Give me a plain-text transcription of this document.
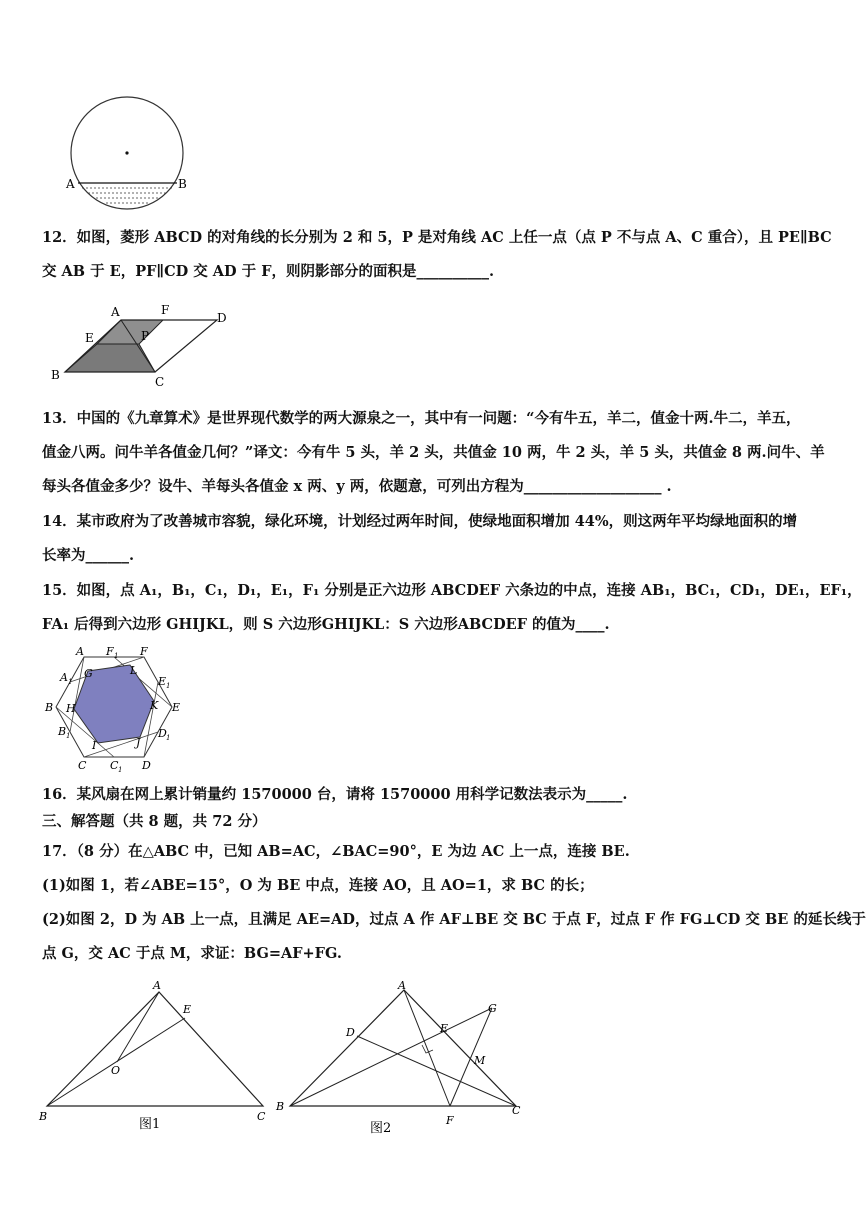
A	B
12．如图，菱形 ABCD 的对角线的长分别为 2 和 5，P 是对角线 AC 上任一点（点 P 不与点 A、C 重合），且 PE∥BC
交 AB 于 E，PF∥CD 交 AD 于 F，则阴影部分的面积是__________.
A	F
D
E	P
B	C
13．中国的《九章算术》是世界现代数学的两大源泉之一，其中有一问题：“今有牛五，羊二，值金十两.牛二，羊五，
值金八两。问牛羊各值金几何？”译文：今有牛 5 头，羊 2 头，共值金 10 两，牛 2 头，羊 5 头，共值金 8 两.问牛、羊
每头各值金多少？设牛、羊每头各值金 x 两、y 两，依题意，可列出方程为___________________ .
14．某市政府为了改善城市容貌，绿化环境，计划经过两年时间，使绿地面积增加 44%，则这两年平均绿地面积的增
长率为______.
15．如图，点 A₁，B₁，C₁，D₁，E₁，F₁ 分别是正六边形 ABCDEF 六条边的中点，连接 AB₁，BC₁，CD₁，DE₁，EF₁，
FA₁ 后得到六边形 GHIJKL，则 S 六边形GHIJKL：S 六边形ABCDEF 的值为____.
A F 1 F
A 1
G	L
E 1
B H	K E
B 1	D 1
I	J
C C 1 D
16．某风扇在网上累计销量约 1570000 台，请将 1570000 用科学记数法表示为_____.
三、解答题（共 8 题，共 72 分）
17．（8 分）在△ABC 中，已知 AB=AC，∠BAC=90°，E 为边 AC 上一点，连接 BE.
(1)如图 1，若∠ABE=15°，O 为 BE 中点，连接 AO，且 AO=1，求 BC 的长；
(2)如图 2，D 为 AB 上一点，且满足 AE=AD，过点 A 作 AF⊥BE 交 BC 于点 F，过点 F 作 FG⊥CD 交 BE 的延长线于
点 G，交 AC 于点 M，求证：BG=AF+FG.
A
E
O
B	C
图1
A
G
D	E
M
B
F
C
图2
